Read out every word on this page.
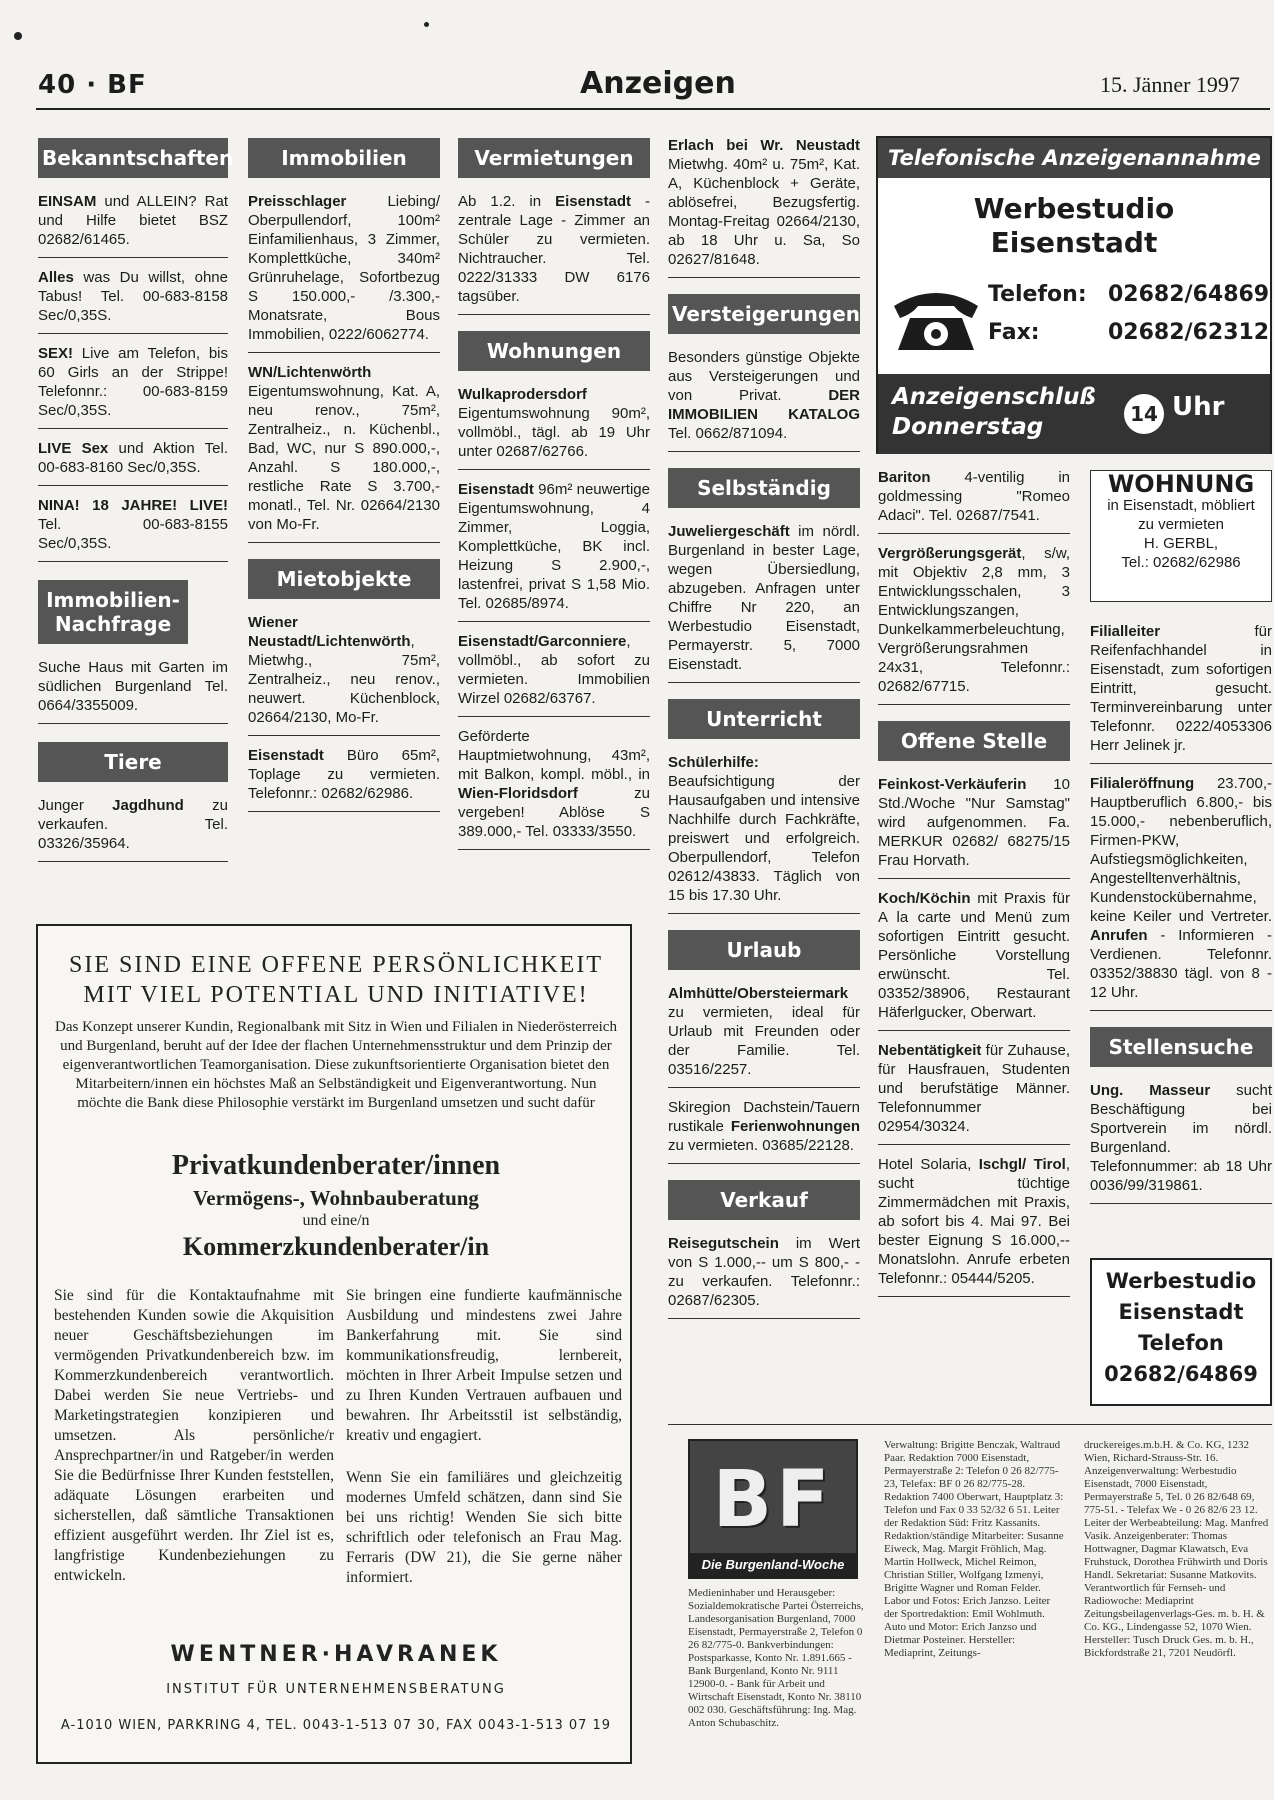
40 · BF	Anzeigen	15. Jänner 1997
Bekanntschaften

EINSAM und ALLEIN? Rat und Hilfe bietet BSZ 02682/61465.

Alles was Du willst, ohne Tabus! Tel. 00-683-8158 Sec/0,35S.

SEX! Live am Telefon, bis 60 Girls an der Strippe! Telefonnr.: 00-683-8159 Sec/0,35S.

LIVE Sex und Aktion Tel. 00-683-8160 Sec/0,35S.

NINA! 18 JAHRE! LIVE! Tel. 00-683-8155 Sec/0,35S.

Immobilien-Nachfrage

Suche Haus mit Garten im südlichen Burgenland Tel. 0664/3355009.

Tiere

Junger Jagdhund zu verkaufen. Tel. 03326/35964.

Immobilien

Preisschlager Liebing/ Oberpullendorf, 100m² Einfamilienhaus, 3 Zimmer, Komplettküche, 340m² Grünruhelage, Sofortbezug S 150.000,- /3.300,- Monatsrate, Bous Immobilien, 0222/6062774.

WN/Lichtenwörth Eigentumswohnung, Kat. A, neu renov., 75m², Zentralheiz., n. Küchenbl., Bad, WC, nur S 890.000,-, Anzahl. S 180.000,-, restliche Rate S 3.700,- monatl., Tel. Nr. 02664/2130 von Mo-Fr.

Mietobjekte

Wiener Neustadt/Lichtenwörth, Mietwhg., 75m², Zentralheiz., neu renov., neuwert. Küchenblock, 02664/2130, Mo-Fr.

Eisenstadt Büro 65m², Toplage zu vermieten. Telefonnr.: 02682/62986.

Vermietungen

Ab 1.2. in Eisenstadt - zentrale Lage - Zimmer an Schüler zu vermieten. Nichtraucher. Tel. 0222/31333 DW 6176 tagsüber.

Wohnungen

Wulkaprodersdorf Eigentumswohnung 90m², vollmöbl., tägl. ab 19 Uhr unter 02687/62766.

Eisenstadt 96m² neuwertige Eigentumswohnung, 4 Zimmer, Loggia, Komplettküche, BK incl. Heizung S 2.900,-, lastenfrei, privat S 1,58 Mio. Tel. 02685/8974.

Eisenstadt/Garconniere, vollmöbl., ab sofort zu vermieten. Immobilien Wirzel 02682/63767.

Geförderte Hauptmietwohnung, 43m², mit Balkon, kompl. möbl., in Wien-Floridsdorf zu vergeben! Ablöse S 389.000,- Tel. 03333/3550.

Erlach bei Wr. Neustadt Mietwhg. 40m² u. 75m², Kat. A, Küchenblock + Geräte, ablösefrei, Bezugsfertig. Montag-Freitag 02664/2130, ab 18 Uhr u. Sa, So 02627/81648.

Versteigerungen

Besonders günstige Objekte aus Versteigerungen und von Privat. DER IMMOBILIEN KATALOG Tel. 0662/871094.

Selbständig

Juweliergeschäft im nördl. Burgenland in bester Lage, wegen Übersiedlung, abzugeben. Anfragen unter Chiffre Nr 220, an Werbestudio Eisenstadt, Permayerstr. 5, 7000 Eisenstadt.

Unterricht

Schülerhilfe: Beaufsichtigung der Hausaufgaben und intensive Nachhilfe durch Fachkräfte, preiswert und erfolgreich. Oberpullendorf, Telefon 02612/43833. Täglich von 15 bis 17.30 Uhr.

Urlaub

Almhütte/Obersteiermark zu vermieten, ideal für Urlaub mit Freunden oder der Familie. Tel. 03516/2257.

Skiregion Dachstein/Tauern rustikale Ferienwohnungen zu vermieten. 03685/22128.

Verkauf

Reisegutschein im Wert von S 1.000,-- um S 800,- - zu verkaufen. Telefonnr.: 02687/62305.

Telefonische Anzeigenannahme
Werbestudio
Eisenstadt
Telefon: 02682/64869
Fax:	02682/62312
Anzeigenschluß
Donnerstag	14 Uhr

Bariton 4-ventilig in goldmessing "Romeo Adaci". Tel. 02687/7541.

Vergrößerungsgerät, s/w, mit Objektiv 2,8 mm, 3 Entwicklungsschalen, 3 Entwicklungszangen, Dunkelkammerbeleuchtung, Vergrößerungsrahmen 24x31, Telefonnr.: 02682/67715.

Offene Stelle

Feinkost-Verkäuferin 10 Std./Woche "Nur Samstag" wird aufgenommen. Fa. MERKUR 02682/ 68275/15 Frau Horvath.

Koch/Köchin mit Praxis für A la carte und Menü zum sofortigen Eintritt gesucht. Persönliche Vorstellung erwünscht. Tel. 03352/38906, Restaurant Häferlgucker, Oberwart.

Nebentätigkeit für Zuhause, für Hausfrauen, Studenten und berufstätige Männer. Telefonnummer 02954/30324.

Hotel Solaria, Ischgl/ Tirol, sucht tüchtige Zimmermädchen mit Praxis, ab sofort bis 4. Mai 97. Bei bester Eignung S 16.000,-- Monatslohn. Anrufe erbeten Telefonnr.: 05444/5205.

WOHNUNG
in Eisenstadt, möbliert
zu vermieten
H. GERBL,
Tel.: 02682/62986

Filialleiter für Reifenfachhandel in Eisenstadt, zum sofortigen Eintritt, gesucht. Terminvereinbarung unter Telefonnr. 0222/4053306 Herr Jelinek jr.

Filialeröffnung 23.700,- Hauptberuflich 6.800,- bis 15.000,- nebenberuflich, Firmen-PKW, Aufstiegsmöglichkeiten, Angestelltenverhältnis, Kundenstockübernahme, keine Keiler und Vertreter. Anrufen - Informieren - Verdienen. Telefonnr. 03352/38830 tägl. von 8 - 12 Uhr.

Stellensuche

Ung. Masseur sucht Beschäftigung bei Sportverein im nördl. Burgenland. Telefonnummer: ab 18 Uhr 0036/99/319861.

Werbestudio
Eisenstadt
Telefon
02682/64869
SIE SIND EINE OFFENE PERSÖNLICHKEIT
MIT VIEL POTENTIAL UND INITIATIVE!
Das Konzept unserer Kundin, Regionalbank mit Sitz in Wien und Filialen in Niederösterreich und Burgenland, beruht auf der Idee der flachen Unternehmensstruktur und dem Prinzip der eigenverantwortlichen Teamorganisation. Diese zukunftsorientierte Organisation bietet den Mitarbeitern/innen ein höchstes Maß an Selbständigkeit und Eigenverantwortung. Nun möchte die Bank diese Philosophie verstärkt im Burgenland umsetzen und sucht dafür
Privatkundenberater/innen
Vermögens-, Wohnbauberatung
und eine/n
Kommerzkundenberater/in

Sie sind für die Kontaktaufnahme mit bestehenden Kunden sowie die Akquisition neuer Geschäftsbeziehungen im vermögenden Privatkundenbereich bzw. im Kommerzkundenbereich verantwortlich. Dabei werden Sie neue Vertriebs- und Marketingstrategien konzipieren und umsetzen. Als persönliche/r Ansprechpartner/in und Ratgeber/in werden Sie die Bedürfnisse Ihrer Kunden feststellen, adäquate Lösungen erarbeiten und sicherstellen, daß sämtliche Transaktionen effizient ausgeführt werden. Ihr Ziel ist es, langfristige Kundenbeziehungen zu entwickeln.

Sie bringen eine fundierte kaufmännische Ausbildung und mindestens zwei Jahre Bankerfahrung mit. Sie sind kommunikationsfreudig, lernbereit, möchten in Ihrer Arbeit Impulse setzen und zu Ihren Kunden Vertrauen aufbauen und bewahren. Ihr Arbeitsstil ist selbständig, kreativ und engagiert.

Wenn Sie ein familiäres und gleichzeitig modernes Umfeld schätzen, dann sind Sie bei uns richtig! Wenden Sie sich bitte schriftlich oder telefonisch an Frau Mag. Ferraris (DW 21), die Sie gerne näher informiert.

WENTNER·HAVRANEK
INSTITUT FÜR UNTERNEHMENSBERATUNG
A-1010 WIEN, PARKRING 4, TEL. 0043-1-513 07 30, FAX 0043-1-513 07 19
BF
Die Burgenland-Woche
Medieninhaber und Herausgeber: Sozialdemokratische Partei Österreichs, Landesorganisation Burgenland, 7000 Eisenstadt, Permayerstraße 2, Telefon 0 26 82/775-0. Bankverbindungen: Postsparkasse, Konto Nr. 1.891.665 - Bank Burgenland, Konto Nr. 9111 12900-0. - Bank für Arbeit und Wirtschaft Eisenstadt, Konto Nr. 38110 002 030. Geschäftsführung: Ing. Mag. Anton Schubaschitz.
Verwaltung: Brigitte Benczak, Waltraud Paar. Redaktion 7000 Eisenstadt, Permayerstraße 2: Telefon 0 26 82/775-23, Telefax: BF 0 26 82/775-28. Redaktion 7400 Oberwart, Hauptplatz 3: Telefon und Fax 0 33 52/32 6 51. Leiter der Redaktion Süd: Fritz Kassanits. Redaktion/ständige Mitarbeiter: Susanne Eiweck, Mag. Margit Fröhlich, Mag. Martin Hollweck, Michel Reimon, Christian Stiller, Wolfgang Izmenyi, Brigitte Wagner und Roman Felder. Labor und Fotos: Erich Janzso. Leiter der Sportredaktion: Emil Wohlmuth. Auto und Motor: Erich Janzso und Dietmar Posteiner. Hersteller: Mediaprint, Zeitungs-
druckereiges.m.b.H. & Co. KG, 1232 Wien, Richard-Strauss-Str. 16. Anzeigenverwaltung: Werbestudio Eisenstadt, 7000 Eisenstadt, Permayerstraße 5, Tel. 0 26 82/648 69, 775-51. - Telefax We - 0 26 82/6 23 12. Leiter der Werbeabteilung: Mag. Manfred Vasik. Anzeigenberater: Thomas Hottwagner, Dagmar Klawatsch, Eva Fruhstuck, Dorothea Frühwirth und Doris Handl. Sekretariat: Susanne Matkovits. Verantwortlich für Fernseh- und Radiowoche: Mediaprint Zeitungsbeilagenverlags-Ges. m. b. H. & Co. KG., Lindengasse 52, 1070 Wien. Hersteller: Tusch Druck Ges. m. b. H., Bickfordstraße 21, 7201 Neudörfl.
